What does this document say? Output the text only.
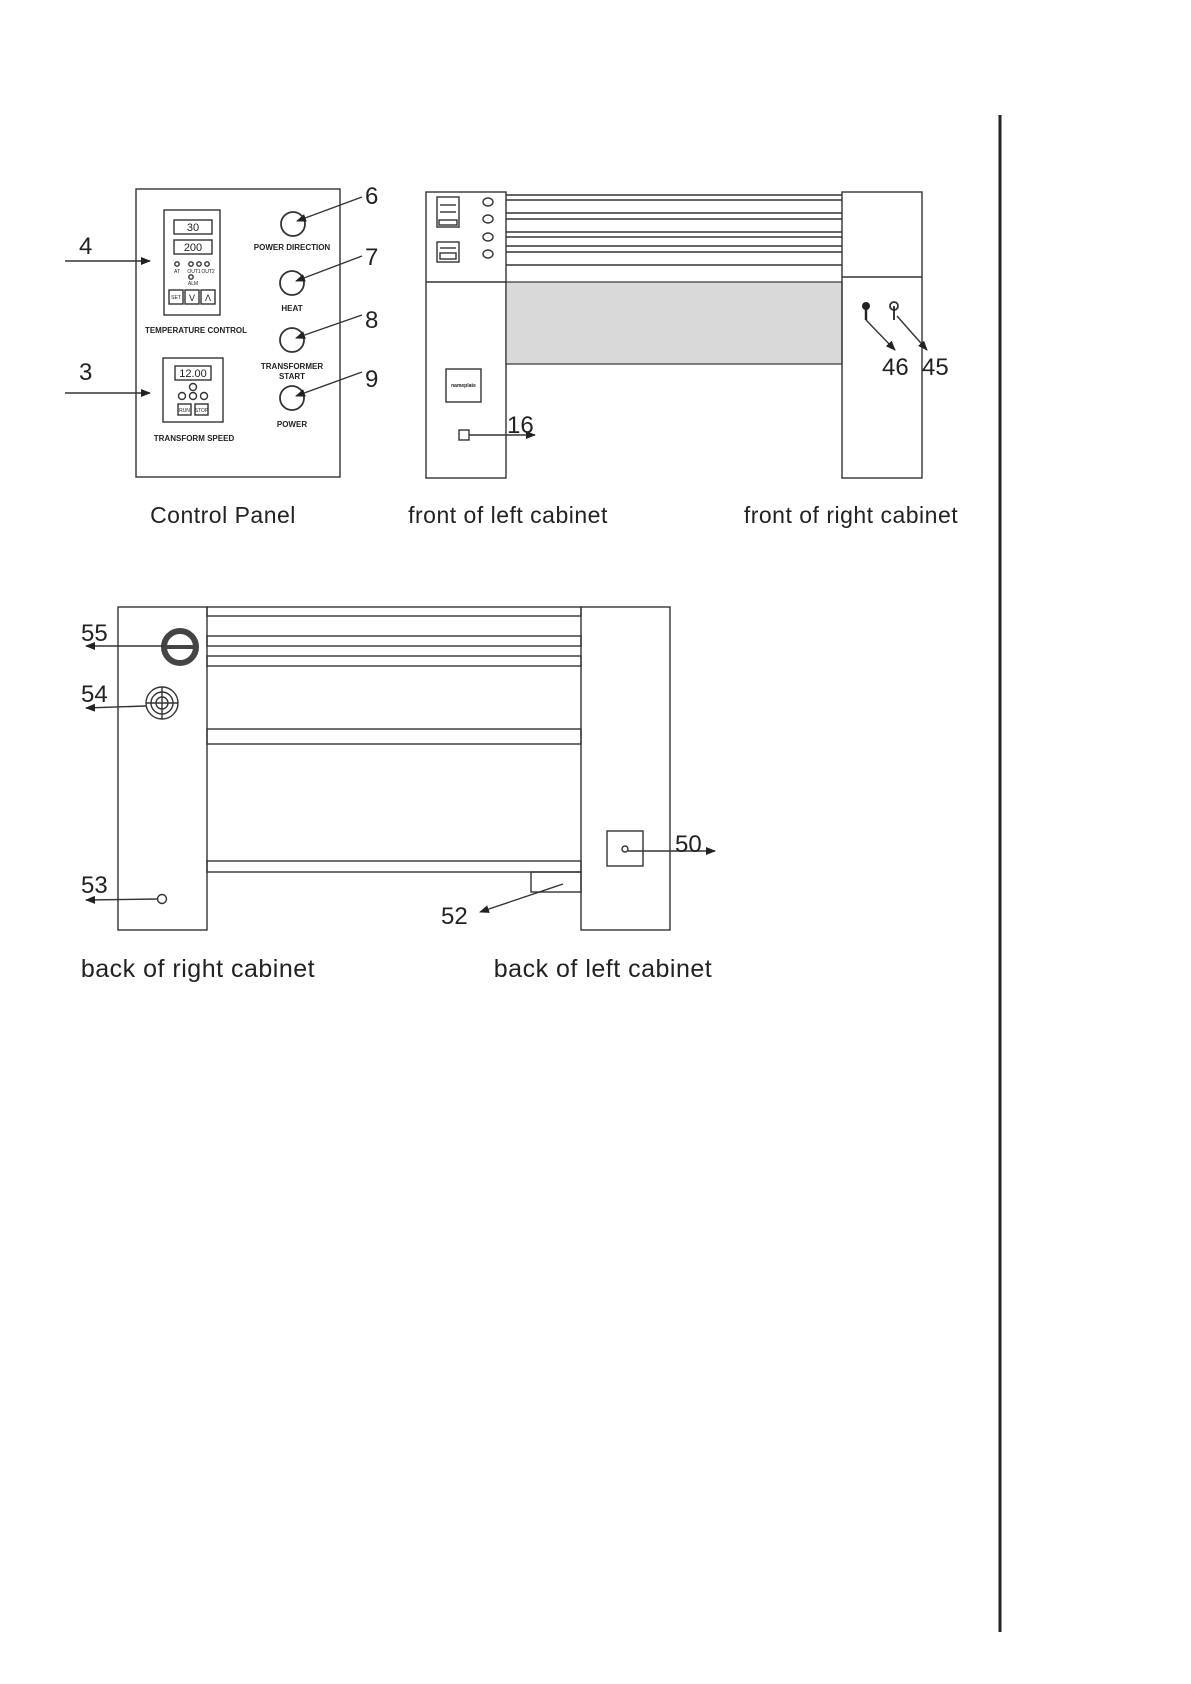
30
200
AT OUT1 OUT2
ALM
SET V Λ
TEMPERATURE CONTROL
12.00
RUN STOP
TRANSFORM SPEED
POWER DIRECTION
HEAT
TRANSFORMER
START
POWER
4
3
6
7
8
9
Control Panel
nameplate
16
46 45
front of left cabinet	front of right cabinet
55
54
53
52
50
back of right cabinet	back of left cabinet
